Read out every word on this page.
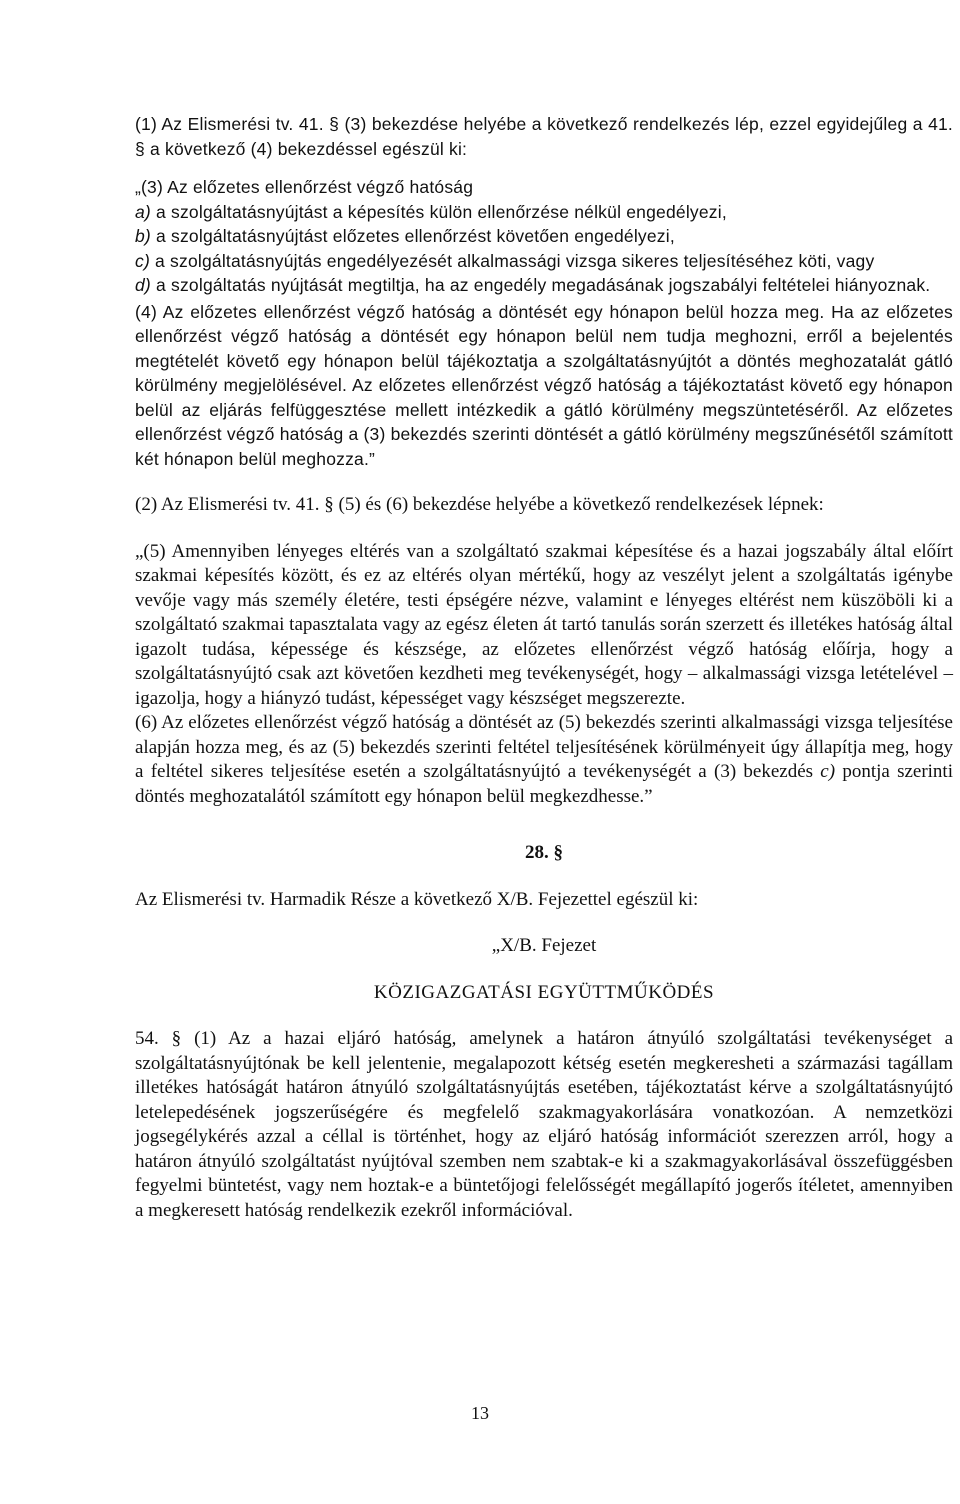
(1) Az Elismerési tv. 41. § (3) bekezdése helyébe a következő rendelkezés lép, ezzel egyidejűleg a 41. § a következő (4) bekezdéssel egészül ki:

„(3) Az előzetes ellenőrzést végző hatóság

a) a szolgáltatásnyújtást a képesítés külön ellenőrzése nélkül engedélyezi,

b) a szolgáltatásnyújtást előzetes ellenőrzést követően engedélyezi,

c) a szolgáltatásnyújtás engedélyezését alkalmassági vizsga sikeres teljesítéséhez köti, vagy

d) a szolgáltatás nyújtását megtiltja, ha az engedély megadásának jogszabályi feltételei hiányoznak.

(4) Az előzetes ellenőrzést végző hatóság a döntését egy hónapon belül hozza meg. Ha az előzetes ellenőrzést végző hatóság a döntését egy hónapon belül nem tudja meghozni, erről a bejelentés megtételét követő egy hónapon belül tájékoztatja a szolgáltatásnyújtót a döntés meghozatalát gátló körülmény megjelölésével. Az előzetes ellenőrzést végző hatóság a tájékoztatást követő egy hónapon belül az eljárás felfüggesztése mellett intézkedik a gátló körülmény megszüntetéséről. Az előzetes ellenőrzést végző hatóság a (3) bekezdés szerinti döntését a gátló körülmény megszűnésétől számított két hónapon belül meghozza.”

(2) Az Elismerési tv. 41. § (5) és (6) bekezdése helyébe a következő rendelkezések lépnek:

„(5) Amennyiben lényeges eltérés van a szolgáltató szakmai képesítése és a hazai jogszabály által előírt szakmai képesítés között, és ez az eltérés olyan mértékű, hogy az veszélyt jelent a szolgáltatás igénybe vevője vagy más személy életére, testi épségére nézve, valamint e lényeges eltérést nem küszöböli ki a szolgáltató szakmai tapasztalata vagy az egész életen át tartó tanulás során szerzett és illetékes hatóság által igazolt tudása, képessége és készsége, az előzetes ellenőrzést végző hatóság előírja, hogy a szolgáltatásnyújtó csak azt követően kezdheti meg tevékenységét, hogy – alkalmassági vizsga letételével – igazolja, hogy a hiányzó tudást, képességet vagy készséget megszerezte.

(6) Az előzetes ellenőrzést végző hatóság a döntését az (5) bekezdés szerinti alkalmassági vizsga teljesítése alapján hozza meg, és az (5) bekezdés szerinti feltétel teljesítésének körülményeit úgy állapítja meg, hogy a feltétel sikeres teljesítése esetén a szolgáltatásnyújtó a tevékenységét a (3) bekezdés c) pontja szerinti döntés meghozatalától számított egy hónapon belül megkezdhesse.”

28. §

Az Elismerési tv. Harmadik Része a következő X/B. Fejezettel egészül ki:

„X/B. Fejezet

KÖZIGAZGATÁSI EGYÜTTMŰKÖDÉS

54. § (1) Az a hazai eljáró hatóság, amelynek a határon átnyúló szolgáltatási tevékenységet a szolgáltatásnyújtónak be kell jelentenie, megalapozott kétség esetén megkeresheti a származási tagállam illetékes hatóságát határon átnyúló szolgáltatásnyújtás esetében, tájékoztatást kérve a szolgáltatásnyújtó letelepedésének jogszerűségére és megfelelő szakmagyakorlására vonatkozóan. A nemzetközi jogsegélykérés azzal a céllal is történhet, hogy az eljáró hatóság információt szerezzen arról, hogy a határon átnyúló szolgáltatást nyújtóval szemben nem szabtak-e ki a szakmagyakorlásával összefüggésben fegyelmi büntetést, vagy nem hoztak-e a büntetőjogi felelősségét megállapító jogerős ítéletet, amennyiben a megkeresett hatóság rendelkezik ezekről információval.

13
